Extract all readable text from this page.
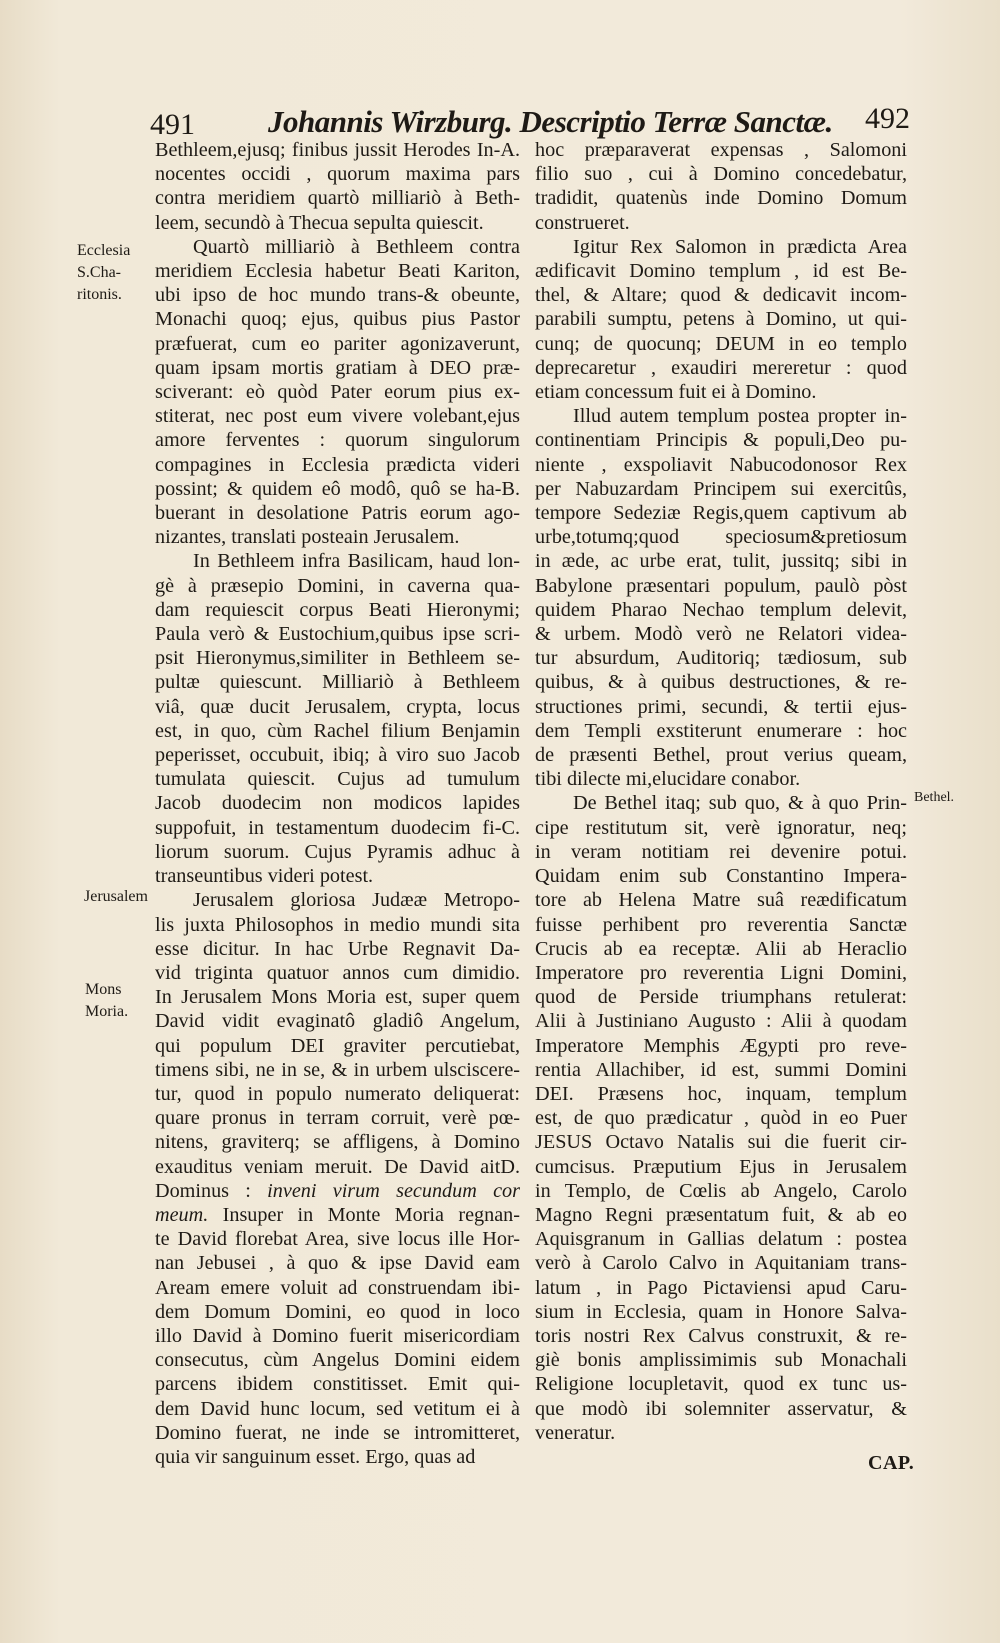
491 Johannis Wirzburg. Descriptio Terræ Sanctæ. 492
Ecclesia
S.Cha-
ritonis.
Jerusalem
Mons
Moria.
Bethel.
Bethleem,ejusq; finibus jussit Herodes In-A.
nocentes occidi , quorum maxima pars
contra meridiem quartò milliariò à Beth-
leem, secundò à Thecua sepulta quiescit.
Quartò milliariò à Bethleem contra
meridiem Ecclesia habetur Beati Kariton,
ubi ipso de hoc mundo trans-& obeunte,
Monachi quoq; ejus, quibus pius Pastor
præfuerat, cum eo pariter agonizaverunt,
quam ipsam mortis gratiam à DEO præ-
sciverant: eò quòd Pater eorum pius ex-
stiterat, nec post eum vivere volebant,ejus
amore ferventes : quorum singulorum
compagines in Ecclesia prædicta videri
possint; & quidem eô modô, quô se ha-B.
buerant in desolatione Patris eorum ago-
nizantes, translati posteain Jerusalem.
In Bethleem infra Basilicam, haud lon-
gè à præsepio Domini, in caverna qua-
dam requiescit corpus Beati Hieronymi;
Paula verò & Eustochium,quibus ipse scri-
psit Hieronymus,similiter in Bethleem se-
pultæ quiescunt. Milliariò à Bethleem
viâ, quæ ducit Jerusalem, crypta, locus
est, in quo, cùm Rachel filium Benjamin
peperisset, occubuit, ibiq; à viro suo Jacob
tumulata quiescit. Cujus ad tumulum
Jacob duodecim non modicos lapides
suppofuit, in testamentum duodecim fi-C.
liorum suorum. Cujus Pyramis adhuc à
transeuntibus videri potest.
Jerusalem gloriosa Judææ Metropo-
lis juxta Philosophos in medio mundi sita
esse dicitur. In hac Urbe Regnavit Da-
vid triginta quatuor annos cum dimidio.
In Jerusalem Mons Moria est, super quem
David vidit evaginatô gladiô Angelum,
qui populum DEI graviter percutiebat,
timens sibi, ne in se, & in urbem ulsciscere-
tur, quod in populo numerato deliquerat:
quare pronus in terram corruit, verè pœ-
nitens, graviterq; se affligens, à Domino
exauditus veniam meruit. De David aitD.
Dominus : inveni virum secundum cor
meum. Insuper in Monte Moria regnan-
te David florebat Area, sive locus ille Hor-
nan Jebusei , à quo & ipse David eam
Aream emere voluit ad construendam ibi-
dem Domum Domini, eo quod in loco
illo David à Domino fuerit misericordiam
consecutus, cùm Angelus Domini eidem
parcens ibidem constitisset. Emit qui-
dem David hunc locum, sed vetitum ei à
Domino fuerat, ne inde se intromitteret,
quia vir sanguinum esset. Ergo, quas ad
hoc præparaverat expensas , Salomoni
filio suo , cui à Domino concedebatur,
tradidit, quatenùs inde Domino Domum
construeret.
Igitur Rex Salomon in prædicta Area
ædificavit Domino templum , id est Be-
thel, & Altare; quod & dedicavit incom-
parabili sumptu, petens à Domino, ut qui-
cunq; de quocunq; DEUM in eo templo
deprecaretur , exaudiri mereretur : quod
etiam concessum fuit ei à Domino.
Illud autem templum postea propter in-
continentiam Principis & populi,Deo pu-
niente , exspoliavit Nabucodonosor Rex
per Nabuzardam Principem sui exercitûs,
tempore Sedeziæ Regis,quem captivum ab
urbe,totumq;quod speciosum&pretiosum
in æde, ac urbe erat, tulit, jussitq; sibi in
Babylone præsentari populum, paulò pòst
quidem Pharao Nechao templum delevit,
& urbem. Modò verò ne Relatori videa-
tur absurdum, Auditoriq; tædiosum, sub
quibus, & à quibus destructiones, & re-
structiones primi, secundi, & tertii ejus-
dem Templi exstiterunt enumerare : hoc
de præsenti Bethel, prout verius queam,
tibi dilecte mi,elucidare conabor.
De Bethel itaq; sub quo, & à quo Prin-
cipe restitutum sit, verè ignoratur, neq;
in veram notitiam rei devenire potui.
Quidam enim sub Constantino Impera-
tore ab Helena Matre suâ reædificatum
fuisse perhibent pro reverentia Sanctæ
Crucis ab ea receptæ. Alii ab Heraclio
Imperatore pro reverentia Ligni Domini,
quod de Perside triumphans retulerat:
Alii à Justiniano Augusto : Alii à quodam
Imperatore Memphis Ægypti pro reve-
rentia Allachiber, id est, summi Domini
DEI. Præsens hoc, inquam, templum
est, de quo prædicatur , quòd in eo Puer
JESUS Octavo Natalis sui die fuerit cir-
cumcisus. Præputium Ejus in Jerusalem
in Templo, de Cœlis ab Angelo, Carolo
Magno Regni præsentatum fuit, & ab eo
Aquisgranum in Gallias delatum : postea
verò à Carolo Calvo in Aquitaniam trans-
latum , in Pago Pictaviensi apud Caru-
sium in Ecclesia, quam in Honore Salva-
toris nostri Rex Calvus construxit, & re-
giè bonis amplissimimis sub Monachali
Religione locupletavit, quod ex tunc us-
que modò ibi solemniter asservatur, &
veneratur.
CAP.
